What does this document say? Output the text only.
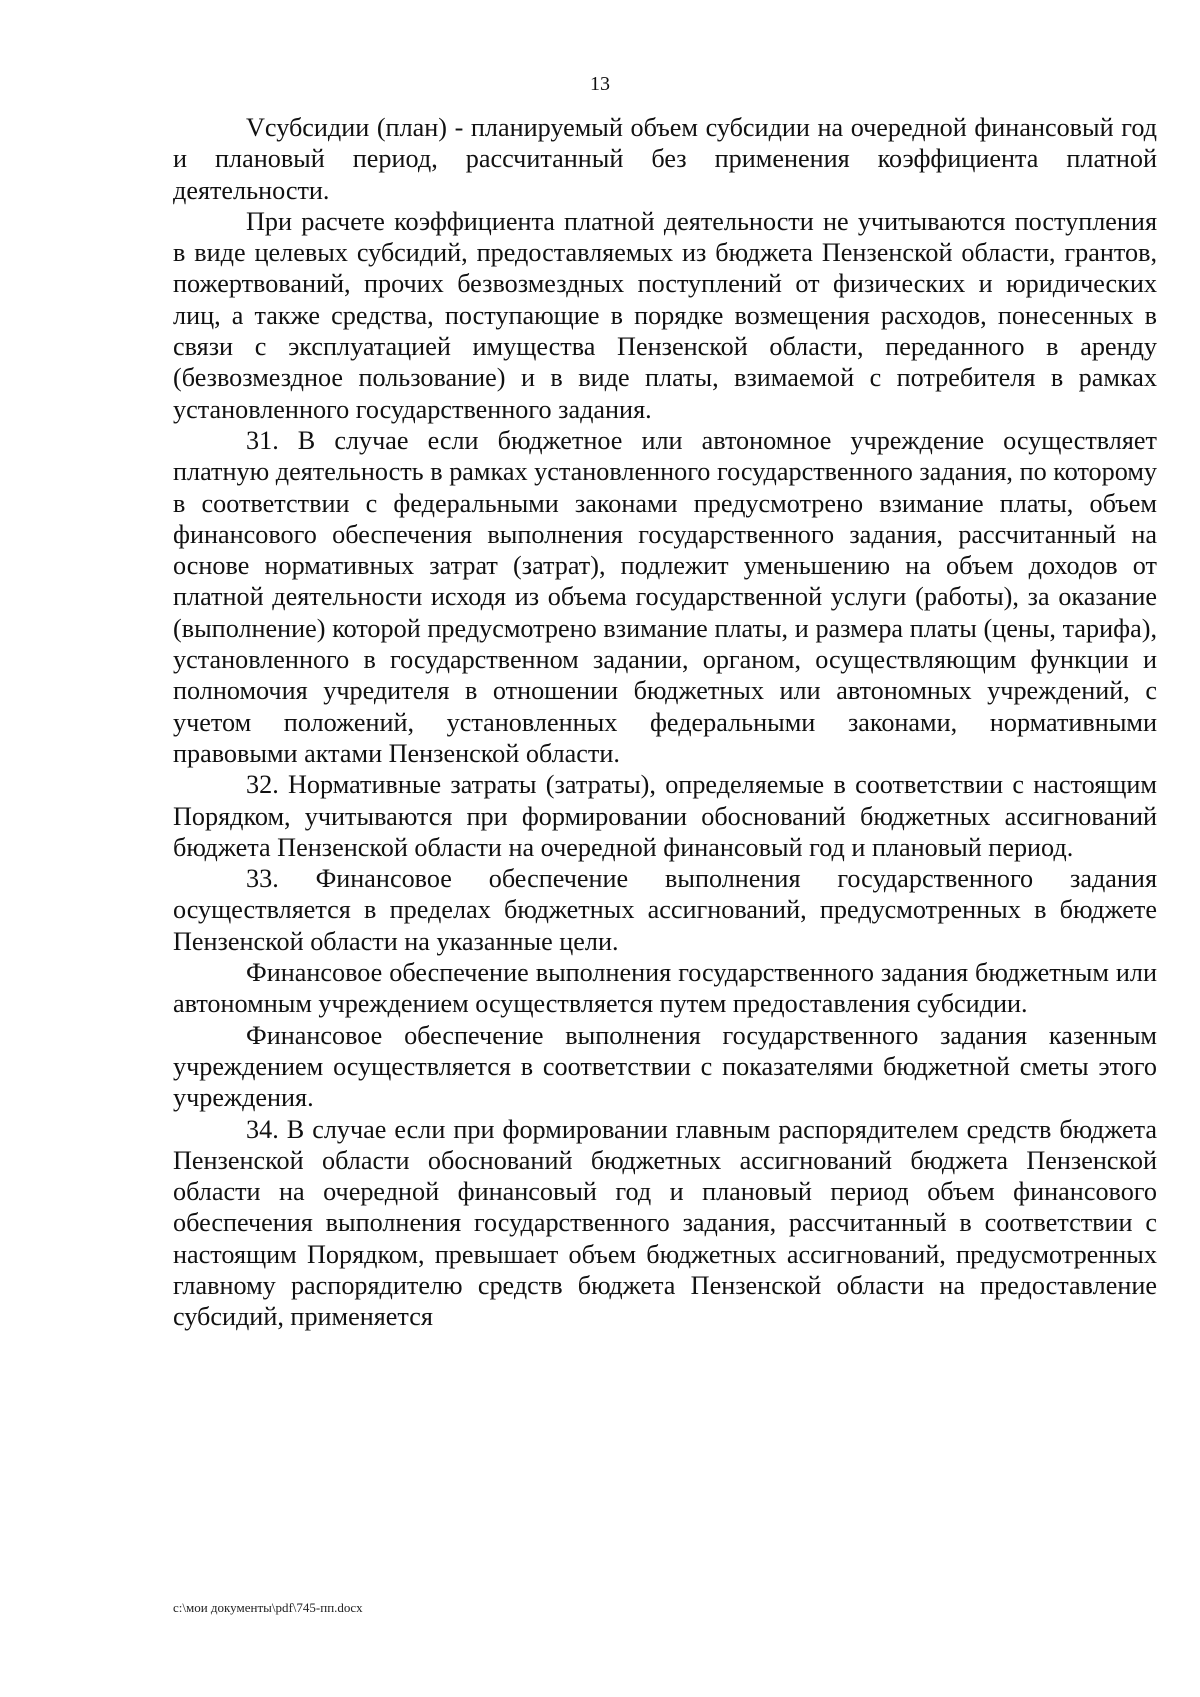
13

Vсубсидии (план) - планируемый объем субсидии на очередной финансовый год и плановый период, рассчитанный без применения коэффициента платной деятельности.

При расчете коэффициента платной деятельности не учитываются поступления в виде целевых субсидий, предоставляемых из бюджета Пензенской области, грантов, пожертвований, прочих безвозмездных поступлений от физических и юридических лиц, а также средства, поступающие в порядке возмещения расходов, понесенных в связи с эксплуатацией имущества Пензенской области, переданного в аренду (безвозмездное пользование) и в виде платы, взимаемой с потребителя в рамках установленного государственного задания.

31. В случае если бюджетное или автономное учреждение осуществляет платную деятельность в рамках установленного государственного задания, по которому в соответствии с федеральными законами предусмотрено взимание платы, объем финансового обеспечения выполнения государственного задания, рассчитанный на основе нормативных затрат (затрат), подлежит уменьшению на объем доходов от платной деятельности исходя из объема государственной услуги (работы), за оказание (выполнение) которой предусмотрено взимание платы, и размера платы (цены, тарифа), установленного в государственном задании, органом, осуществляющим функции и полномочия учредителя в отношении бюджетных или автономных учреждений, с учетом положений, установленных федеральными законами, нормативными правовыми актами Пензенской области.

32. Нормативные затраты (затраты), определяемые в соответствии с настоящим Порядком, учитываются при формировании обоснований бюджетных ассигнований бюджета Пензенской области на очередной финансовый год и плановый период.

33. Финансовое обеспечение выполнения государственного задания осуществляется в пределах бюджетных ассигнований, предусмотренных в бюджете Пензенской области на указанные цели.

Финансовое обеспечение выполнения государственного задания бюджетным или автономным учреждением осуществляется путем предоставления субсидии.

Финансовое обеспечение выполнения государственного задания казенным учреждением осуществляется в соответствии с показателями бюджетной сметы этого учреждения.

34. В случае если при формировании главным распорядителем средств бюджета Пензенской области обоснований бюджетных ассигнований бюджета Пензенской области на очередной финансовый год и плановый период объем финансового обеспечения выполнения государственного задания, рассчитанный в соответствии с настоящим Порядком, превышает объем бюджетных ассигнований, предусмотренных главному распорядителю средств бюджета Пензенской области на предоставление субсидий, применяется

c:\мои документы\pdf\745-пп.docx
